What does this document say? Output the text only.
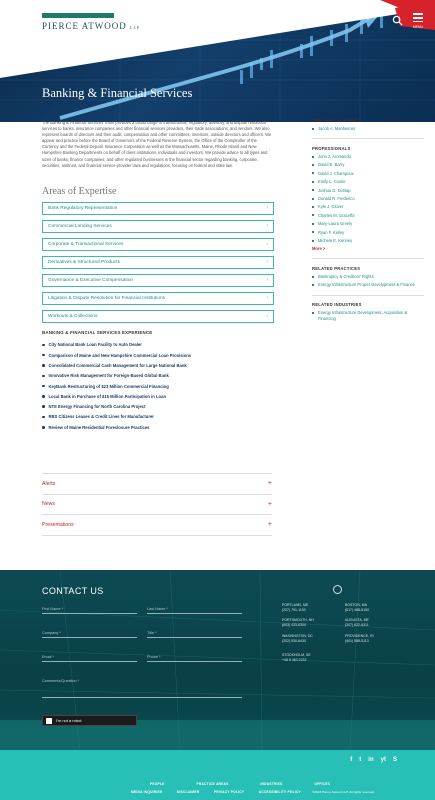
PIERCE ATWOOD LLP	MENU
Banking & Financial Services

The Banking & Financial Services Team provides a broad range of transactional, regulatory, advisory, and dispute resolution services to banks, insurance companies and other financial services providers, their trade associations, and vendors. We also represent boards of directors and their audit, compensation and other committees, investors, outside directors and officers. We appear and practice before the Board of Governors of the Federal Reserve System, the Office of the Comptroller of the Currency and the Federal Deposit Insurance Corporation as well as the Massachusetts, Maine, Rhode Island and New Hampshire Banking Departments on behalf of client institutions, individuals and investors. We provide advice to all types and sizes of banks, finance companies, and other regulated businesses in the financial sector regarding banking, corporate, securities, antitrust, and financial service provider laws and regulations, focusing on federal and state law.

Areas of Expertise
Bank Regulatory Representation	›
Commercial Lending Services	›
Corporate & Transactional Services	›
Derivatives & Structured Products	›
Governance & Executive Compensation	›
Litigation & Dispute Resolution for Financial Institutions	›
Workouts & Collections	›
BANKING & FINANCIAL SERVICES EXPERIENCE
City National Bank Loan Facility to Auto Dealer
Comparison of Maine and New Hampshire Commercial Loan Provisions
Consolidated Commercial Cash Management for Large National Bank
Innovative Risk Management for Foreign-Based Global Bank
KeyBank Restructuring of $23 Million Commercial Financing
Local Bank in Purchase of $15 Million Participation in Loan
NTE Energy Financing for North Carolina Project
RBS Citizens Leases & Credit Lines for Manufacturer
Review of Maine Residential Foreclosure Practices
Alerts	+
News	+
Presentations	+
PRACTICE LEADERS
Jacob A. Manheimer
PROFESSIONALS
John J. Aromando
David E. Barry
David J. Champoux
Emily L. Cooke
Joshua D. Dunlap
Donald R. Frederico
Kyle J. Glover
Charles M. Graceffa
Mary-Laura Greely
Ryan F. Kelley
Michele E. Kenney
More >
RELATED PRACTICES
Bankruptcy & Creditors' Rights
Energy Infrastructure Project Development & Finance
RELATED INDUSTRIES
Energy Infrastructure Development, Acquisition & Financing
CONTACT US
First Name *	Last Name *
Company *	Title *
Email *	Phone *
Comments/Question *
I'm not a robot
PORTLAND, ME
(207) 791-1100
BOSTON, MA
(617) 488-8100
PORTSMOUTH, NH
(603) 433-6300
AUGUSTA, ME
(207) 622-6311
WASHINGTON, DC
(202) 530-6430
PROVIDENCE, RI
(401) 588-5113
STOCKHOLM, SE
+46 8 463 2232
f t in yt S
PEOPLE	PRACTICE AREAS	INDUSTRIES	OFFICES
MEDIA INQUIRIES	DISCLAIMER	PRIVACY POLICY	ACCESSIBILITY POLICY	©2023 Pierce Atwood LLP. All rights reserved.
